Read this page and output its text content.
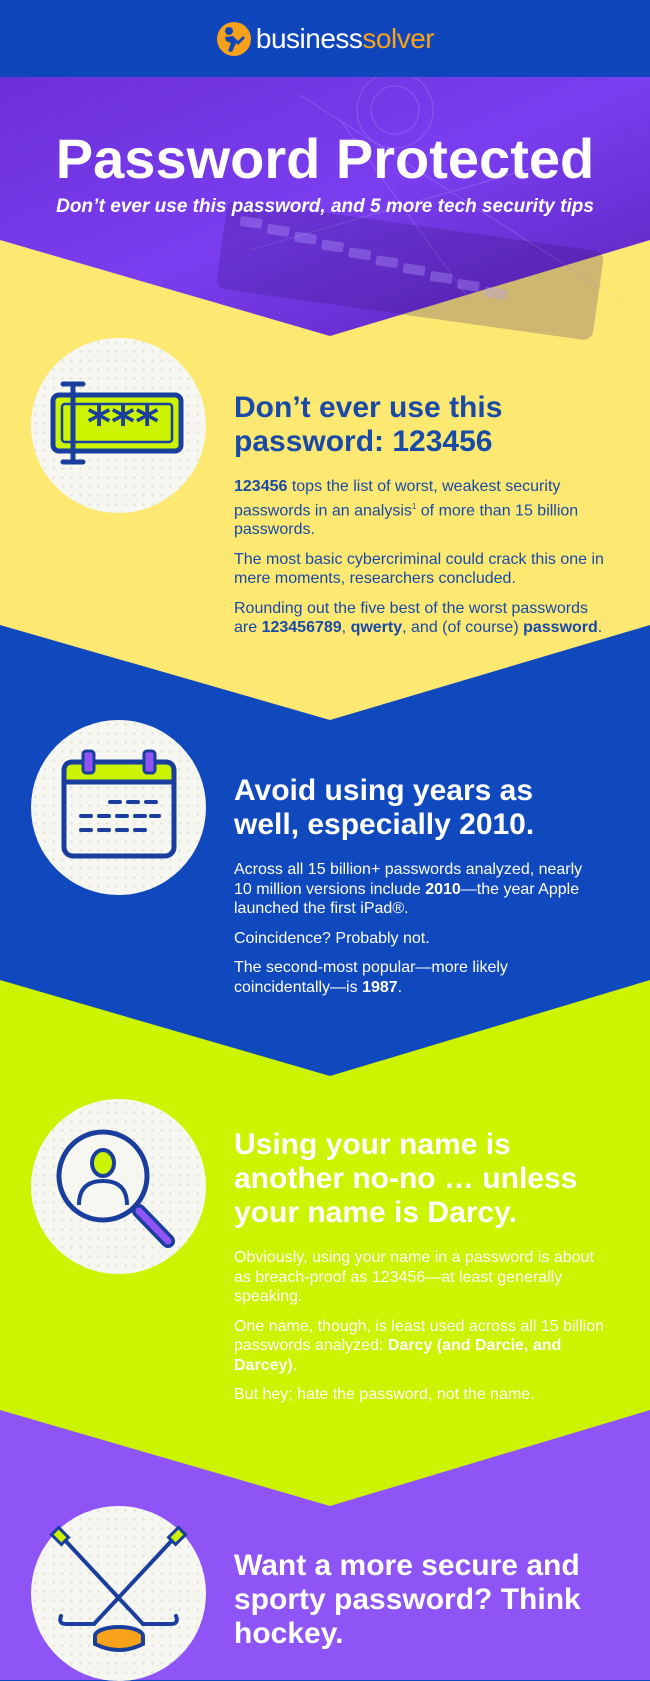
businesssolver
Password Protected
Don’t ever use this password, and 5 more tech security tips
*** Don’t ever use this password: 123456

123456 tops the list of worst, weakest security passwords in an analysis$^1$ of more than 15 billion passwords.

The most basic cybercriminal could crack this one in mere moments, researchers concluded.

Rounding out the five best of the worst passwords are 123456789, qwerty, and (of course) password.

Avoid using years as well, especially 2010.

Across all 15 billion+ passwords analyzed, nearly 10 million versions include 2010—the year Apple launched the first iPad®.

Coincidence? Probably not.

The second-most popular—more likely coincidentally—is 1987.

Using your name is another no-no … unless your name is Darcy.

Obviously, using your name in a password is about as breach-proof as 123456—at least generally speaking.

One name, though, is least used across all 15 billion passwords analyzed: Darcy (and Darcie, and Darcey).

But hey; hate the password, not the name.

Want a more secure and sporty password? Think hockey.
